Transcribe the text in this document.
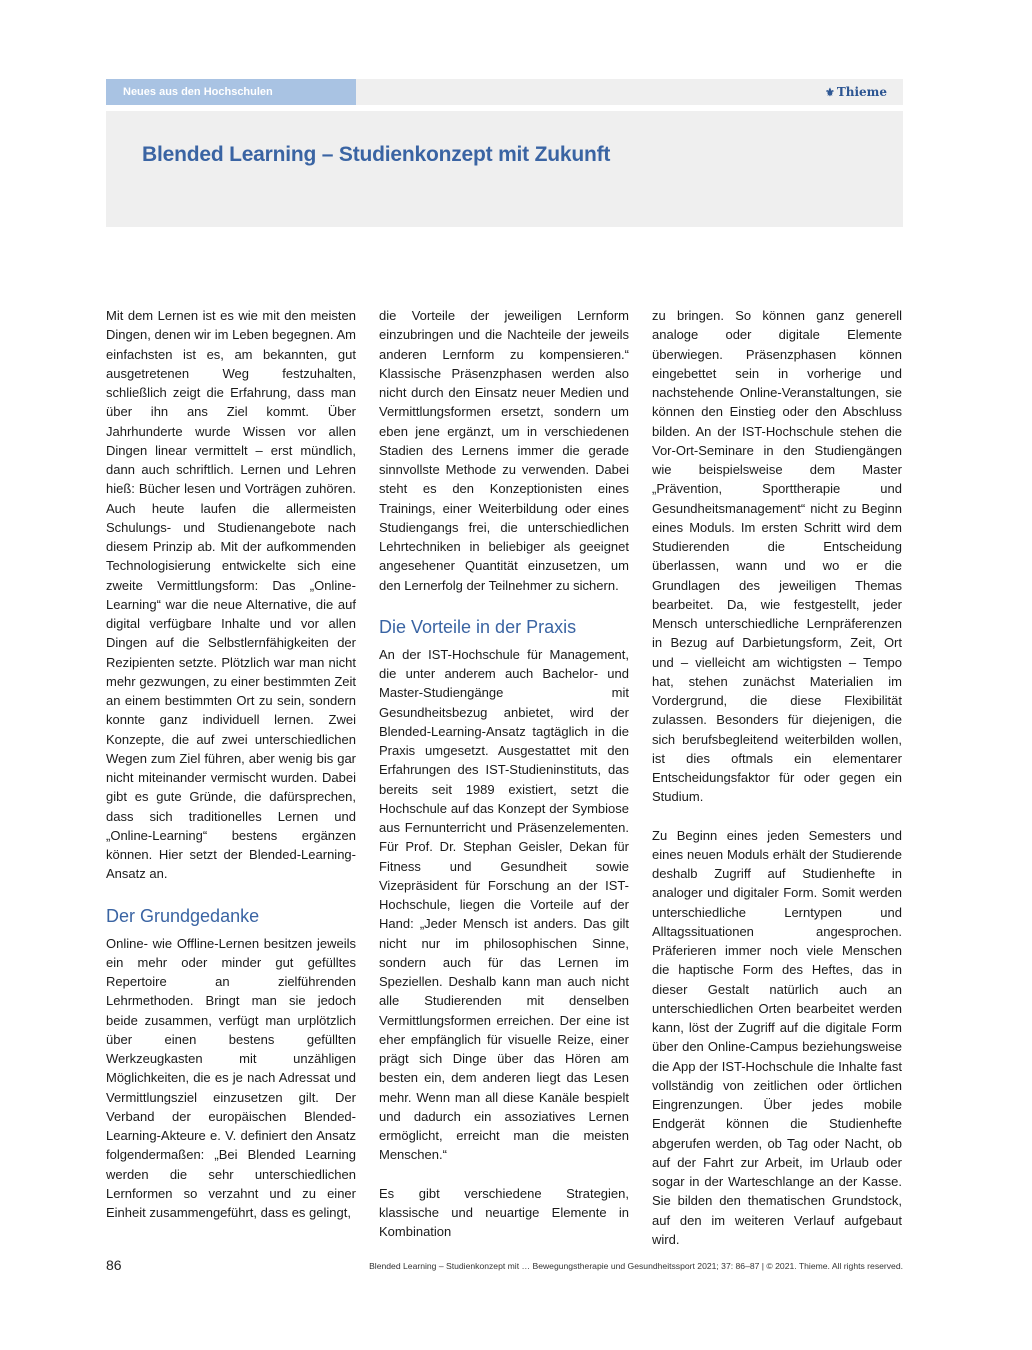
Neues aus den Hochschulen	⚜ Thieme
Blended Learning – Studienkonzept mit Zukunft

Mit dem Lernen ist es wie mit den meisten Dingen, denen wir im Leben begegnen. Am einfachsten ist es, am bekannten, gut ausgetretenen Weg festzuhalten, schließlich zeigt die Erfahrung, dass man über ihn ans Ziel kommt. Über Jahrhunderte wurde Wissen vor allen Dingen linear vermittelt – erst mündlich, dann auch schriftlich. Lernen und Lehren hieß: Bücher lesen und Vorträgen zuhören. Auch heute laufen die allermeisten Schulungs- und Studienangebote nach diesem Prinzip ab. Mit der aufkommenden Technologisierung entwickelte sich eine zweite Vermittlungsform: Das „Online-Learning“ war die neue Alternative, die auf digital verfügbare Inhalte und vor allen Dingen auf die Selbstlernfähigkeiten der Rezipienten setzte. Plötzlich war man nicht mehr gezwungen, zu einer bestimmten Zeit an einem bestimmten Ort zu sein, sondern konnte ganz individuell lernen. Zwei Konzepte, die auf zwei unterschiedlichen Wegen zum Ziel führen, aber wenig bis gar nicht miteinander vermischt wurden. Dabei gibt es gute Gründe, die dafürsprechen, dass sich traditionelles Lernen und „Online-Learning“ bestens ergänzen können. Hier setzt der Blended-Learning-Ansatz an.

Der Grundgedanke

Online- wie Offline-Lernen besitzen jeweils ein mehr oder minder gut gefülltes Repertoire an zielführenden Lehrmethoden. Bringt man sie jedoch beide zusammen, verfügt man urplötzlich über einen bestens gefüllten Werkzeugkasten mit unzähligen Möglichkeiten, die es je nach Adressat und Vermittlungsziel einzusetzen gilt. Der Verband der europäischen Blended-Learning-Akteure e. V. definiert den Ansatz folgendermaßen: „Bei Blended Learning werden die sehr unterschiedlichen Lernformen so verzahnt und zu einer Einheit zusammengeführt, dass es gelingt,

die Vorteile der jeweiligen Lernform einzubringen und die Nachteile der jeweils anderen Lernform zu kompensieren.“ Klassische Präsenzphasen werden also nicht durch den Einsatz neuer Medien und Vermittlungsformen ersetzt, sondern um eben jene ergänzt, um in verschiedenen Stadien des Lernens immer die gerade sinnvollste Methode zu verwenden. Dabei steht es den Konzeptionisten eines Trainings, einer Weiterbildung oder eines Studiengangs frei, die unterschiedlichen Lehrtechniken in beliebiger als geeignet angesehener Quantität einzusetzen, um den Lernerfolg der Teilnehmer zu sichern.

Die Vorteile in der Praxis

An der IST-Hochschule für Management, die unter anderem auch Bachelor- und Master-Studiengänge mit Gesundheitsbezug anbietet, wird der Blended-Learning-Ansatz tagtäglich in die Praxis umgesetzt. Ausgestattet mit den Erfahrungen des IST-Studieninstituts, das bereits seit 1989 existiert, setzt die Hochschule auf das Konzept der Symbiose aus Fernunterricht und Präsenzelementen. Für Prof. Dr. Stephan Geisler, Dekan für Fitness und Gesundheit sowie Vizepräsident für Forschung an der IST-Hochschule, liegen die Vorteile auf der Hand: „Jeder Mensch ist anders. Das gilt nicht nur im philosophischen Sinne, sondern auch für das Lernen im Speziellen. Deshalb kann man auch nicht alle Studierenden mit denselben Vermittlungsformen erreichen. Der eine ist eher empfänglich für visuelle Reize, einer prägt sich Dinge über das Hören am besten ein, dem anderen liegt das Lesen mehr. Wenn man all diese Kanäle bespielt und dadurch ein assoziatives Lernen ermöglicht, erreicht man die meisten Menschen.“

Es gibt verschiedene Strategien, klassische und neuartige Elemente in Kombination

zu bringen. So können ganz generell analoge oder digitale Elemente überwiegen. Präsenzphasen können eingebettet sein in vorherige und nachstehende Online-Veranstaltungen, sie können den Einstieg oder den Abschluss bilden. An der IST-Hochschule stehen die Vor-Ort-Seminare in den Studiengängen wie beispielsweise dem Master „Prävention, Sporttherapie und Gesundheitsmanagement“ nicht zu Beginn eines Moduls. Im ersten Schritt wird dem Studierenden die Entscheidung überlassen, wann und wo er die Grundlagen des jeweiligen Themas bearbeitet. Da, wie festgestellt, jeder Mensch unterschiedliche Lernpräferenzen in Bezug auf Darbietungsform, Zeit, Ort und – vielleicht am wichtigsten – Tempo hat, stehen zunächst Materialien im Vordergrund, die diese Flexibilität zulassen. Besonders für diejenigen, die sich berufsbegleitend weiterbilden wollen, ist dies oftmals ein elementarer Entscheidungsfaktor für oder gegen ein Studium.

Zu Beginn eines jeden Semesters und eines neuen Moduls erhält der Studierende deshalb Zugriff auf Studienhefte in analoger und digitaler Form. Somit werden unterschiedliche Lerntypen und Alltagssituationen angesprochen. Präferieren immer noch viele Menschen die haptische Form des Heftes, das in dieser Gestalt natürlich auch an unterschiedlichen Orten bearbeitet werden kann, löst der Zugriff auf die digitale Form über den Online-Campus beziehungsweise die App der IST-Hochschule die Inhalte fast vollständig von zeitlichen oder örtlichen Eingrenzungen. Über jedes mobile Endgerät können die Studienhefte abgerufen werden, ob Tag oder Nacht, ob auf der Fahrt zur Arbeit, im Urlaub oder sogar in der Warteschlange an der Kasse. Sie bilden den thematischen Grundstock, auf den im weiteren Verlauf aufgebaut wird.

86	Blended Learning – Studienkonzept mit … Bewegungstherapie und Gesundheitssport 2021; 37: 86–87 | © 2021. Thieme. All rights reserved.
